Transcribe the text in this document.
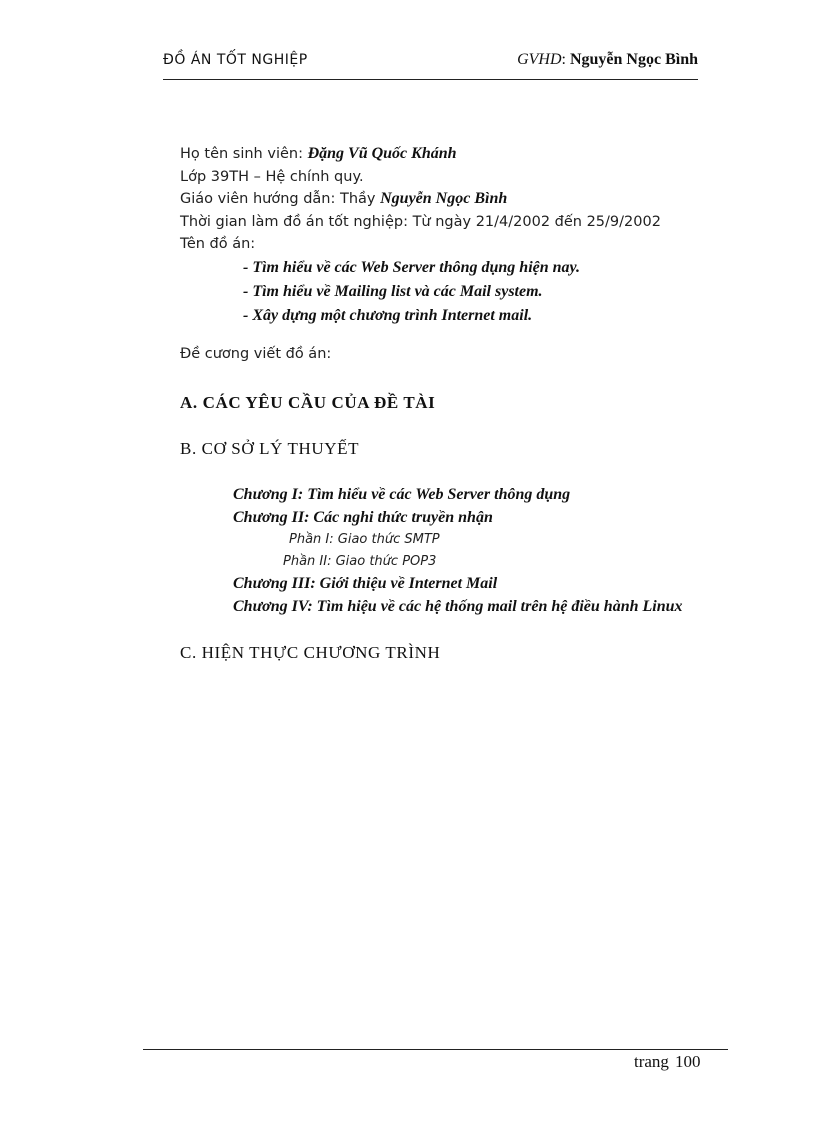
ĐỒ ÁN TỐT NGHIỆP	GVHD: Nguyễn Ngọc Bình
Họ tên sinh viên: Đặng Vũ Quốc Khánh
Lớp 39TH – Hệ chính quy.
Giáo viên hướng dẫn: Thầy Nguyễn Ngọc Bình
Thời gian làm đồ án tốt nghiệp: Từ ngày 21/4/2002 đến 25/9/2002
Tên đồ án:
- Tìm hiểu về các Web Server thông dụng hiện nay.
- Tìm hiểu về Mailing list và các Mail system.
- Xây dựng một chương trình Internet mail.
Đề cương viết đồ án:
A. CÁC YÊU CẦU CỦA ĐỀ TÀI
B. CƠ SỞ LÝ THUYẾT
Chương I: Tìm hiểu về các Web Server thông dụng
Chương II: Các nghi thức truyền nhận
Phần I: Giao thức SMTP
Phần II: Giao thức POP3
Chương III: Giới thiệu về Internet Mail
Chương IV: Tìm hiệu về các hệ thống mail trên hệ điều hành Linux
C. HIỆN THỰC CHƯƠNG TRÌNH
trang 100
